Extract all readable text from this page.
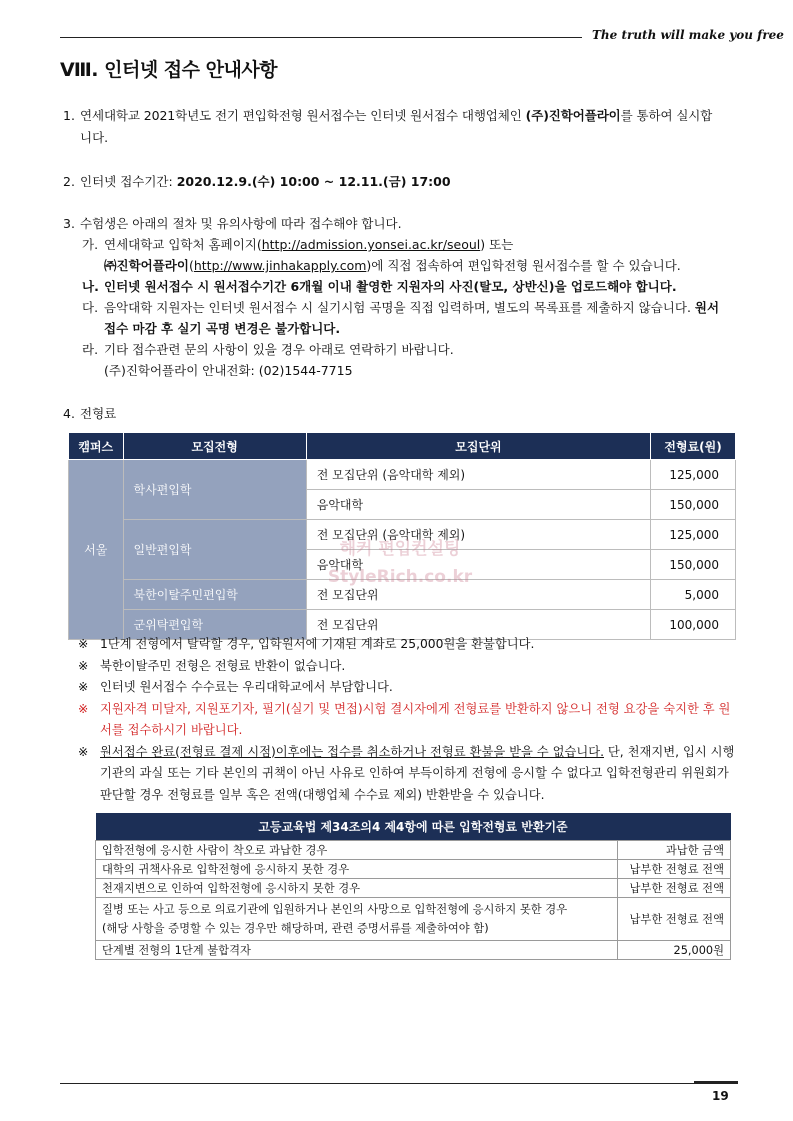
The truth will make you free
Ⅷ. 인터넷 접수 안내사항
1. 연세대학교 2021학년도 전기 편입학전형 원서접수는 인터넷 원서접수 대행업체인 (주)진학어플라이를 통하여 실시합
니다.
2. 인터넷 접수기간: 2020.12.9.(수) 10:00 ~ 12.11.(금) 17:00
3. 수험생은 아래의 절차 및 유의사항에 따라 접수해야 합니다.
가. 연세대학교 입학처 홈페이지(http://admission.yonsei.ac.kr/seoul) 또는
㈜진학어플라이(http://www.jinhakapply.com)에 직접 접속하여 편입학전형 원서접수를 할 수 있습니다.
나. 인터넷 원서접수 시 원서접수기간 6개월 이내 촬영한 지원자의 사진(탈모, 상반신)을 업로드해야 합니다.
다. 음악대학 지원자는 인터넷 원서접수 시 실기시험 곡명을 직접 입력하며, 별도의 목록표를 제출하지 않습니다. 원서
접수 마감 후 실기 곡명 변경은 불가합니다.
라. 기타 접수관련 문의 사항이 있을 경우 아래로 연락하기 바랍니다.
(주)진학어플라이 안내전화: (02)1544-7715
4. 전형료
캠퍼스	모집전형	모집단위	전형료(원)
서울	학사편입학	전 모집단위 (음악대학 제외)	125,000
		음악대학	150,000
	일반편입학	전 모집단위 (음악대학 제외)	125,000
		음악대학	150,000
	북한이탈주민편입학	전 모집단위	5,000
	군위탁편입학	전 모집단위	100,000
해커 편입컨설팅
StyleRich.co.kr
※ 1단계 전형에서 탈락할 경우, 입학원서에 기재된 계좌로 25,000원을 환불합니다.
※ 북한이탈주민 전형은 전형료 반환이 없습니다.
※ 인터넷 원서접수 수수료는 우리대학교에서 부담합니다.
※ 지원자격 미달자, 지원포기자, 필기(실기 및 면접)시험 결시자에게 전형료를 반환하지 않으니 전형 요강을 숙지한 후 원서를 접수하시기 바랍니다.
※ 원서접수 완료(전형료 결제 시점)이후에는 접수를 취소하거나 전형료 환불을 받을 수 없습니다. 단, 천재지변, 입시 시행 기관의 과실 또는 기타 본인의 귀책이 아닌 사유로 인하여 부득이하게 전형에 응시할 수 없다고 입학전형관리 위원회가 판단할 경우 전형료를 일부 혹은 전액(대행업체 수수료 제외) 반환받을 수 있습니다.
고등교육법 제34조의4 제4항에 따른 입학전형료 반환기준	
입학전형에 응시한 사람이 착오로 과납한 경우	과납한 금액
대학의 귀책사유로 입학전형에 응시하지 못한 경우	납부한 전형료 전액
천재지변으로 인하여 입학전형에 응시하지 못한 경우	납부한 전형료 전액

질병 또는 사고 등으로 의료기관에 입원하거나 본인의 사망으로 입학전형에 응시하지 못한 경우
(해당 사항을 증명할 수 있는 경우만 해당하며, 관련 증명서류를 제출하여야 함)	납부한 전형료 전액
단계별 전형의 1단계 불합격자	25,000원
19
